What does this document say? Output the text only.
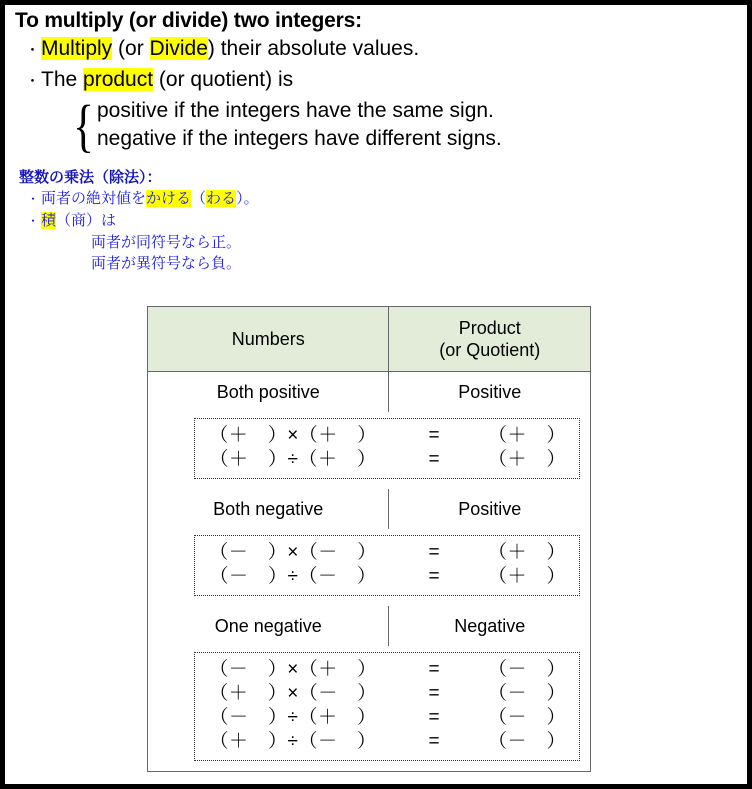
To multiply (or divide) two integers:
・ Multiply (or Divide) their absolute values.
・ The product (or quotient) is
{ positive if the integers have the same sign.
negative if the integers have different signs.
整数の乗法（除法）：
・ 両者の絶対値をかける（わる）。
・ 積（商）は
両者が同符号なら正。
両者が異符号なら負。
Numbers
Product
(or Quotient)
Both positive	Positive
（＋　）×（＋　）	=	（＋　）
（＋　）÷（＋　）	=	（＋　）
Both negative	Positive
（－　）×（－　）	=	（＋　）
（－　）÷（－　）	=	（＋　）
One negative	Negative
（－　）×（＋　）	=	（－　）
（＋　）×（－　）	=	（－　）
（－　）÷（＋　）	=	（－　）
（＋　）÷（－　）	=	（－　）
